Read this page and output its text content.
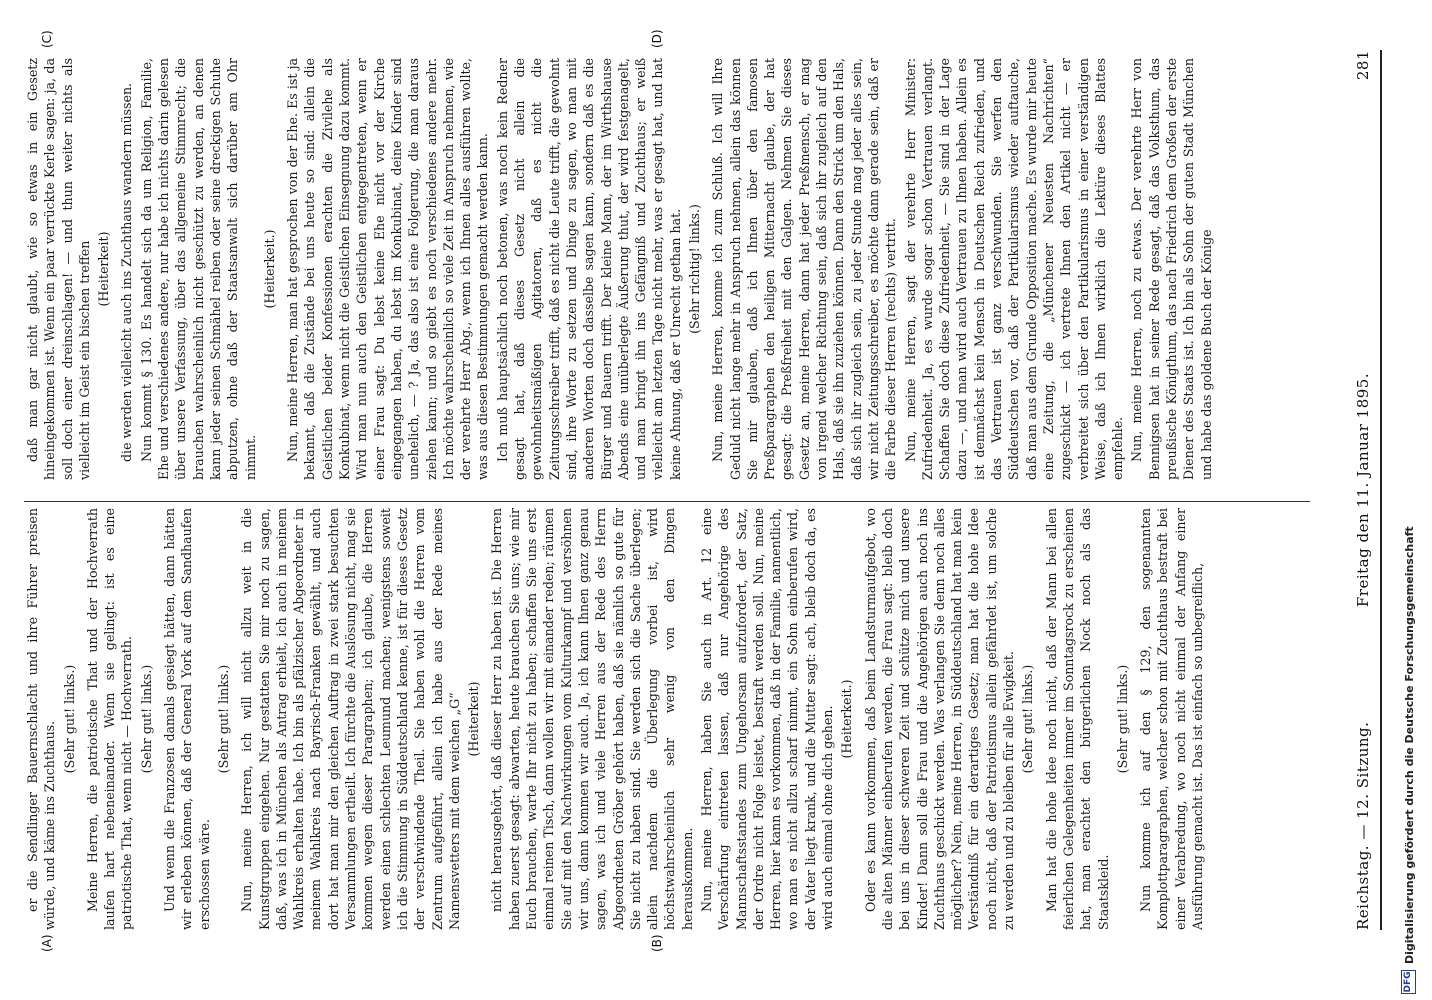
Reichstag. — 12. Sitzung.
Freitag den 11. Januar 1895.
281

er die Sendlinger Bauernschlacht und ihre Führer preisen würde, und käme ins Zuchthaus.

(Sehr gut! links.) Meine Herren, die patriotische That und der Hochverrath laufen hart nebeneinander. Wenn sie gelingt: ist es eine patriotische That, wenn nicht — Hochverrath. (Sehr gut! links.) Und wenn die Franzosen damals gesiegt hätten, dann hätten wir erleben können, daß der General York auf dem Sandhaufen erschossen wäre.

(Sehr gut! links.) Nun, meine Herren, ich will nicht allzu weit in die Kunstgruppen eingehen. Nur gestatten Sie mir noch zu sagen, daß, was ich in München als Antrag erhielt, ich auch in meinem Wahlkreis erhalten habe. Ich bin als pfälzischer Abgeordneter in meinem Wahlkreis nach Bayrisch-Franken gewählt, und auch dort hat man mir den gleichen Auftrag in zwei stark besuchten Versammlungen ertheilt. Ich fürchte die Auslösung nicht, mag sie kommen wegen dieser Paragraphen; ich glaube, die Herren werden einen schlechten Leumund machen; wenigstens soweit ich die Stimmung in Süddeutschland kenne, ist für dieses Gesetz der verschwindende Theil. Sie haben wohl die Herren vom Zentrum aufgeführt, allein ich habe aus der Rede meines Namensvetters mit dem weichen „G“ (Heiterkeit) nicht herausgehört, daß dieser Herr zu haben ist. Die Herren haben zuerst gesagt: abwarten, heute brauchen Sie uns; wie mir Euch brauchen, warte Ihr nicht zu haben; schaffen Sie uns erst einmal reinen Tisch, dann wollen wir mit einander reden; räumen Sie auf mit den Nachwirkungen vom Kulturkampf und versöhnen wir uns, dann kommen wir auch. Ja, ich kann Ihnen ganz genau sagen, was ich und viele Herren aus der Rede des Herrn Abgeordneten Gröber gehört haben, daß sie nämlich so gute für Sie nicht zu haben sind. Sie werden sich die Sache überlegen; allein nachdem die Überlegung vorbei ist, wird höchstwahrscheinlich sehr wenig von den Dingen herauskommen. Nun, meine Herren, haben Sie auch in Art. 12 eine Verschärfung eintreten lassen, daß nur Angehörige des Mannschaftsstandes zum Ungehorsam aufzufordert, der Satz, der Ordre nicht Folge leistet, bestraft werden soll. Nun, meine Herren, hier kann es vorkommen, daß in der Familie, namentlich, wo man es nicht allzu scharf nimmt, ein Sohn einberufen wird, der Vater liegt krank, und die Mutter sagt: ach, bleib doch da, es wird auch einmal ohne dich gehen. (Heiterkeit.) Oder es kann vorkommen, daß beim Landsturmaufgebot, wo die alten Männer einberufen werden, die Frau sagt: bleib doch bei uns in dieser schweren Zeit und schütze mich und unsere Kinder! Dann soll die Frau und die Angehörigen auch noch ins Zuchthaus geschickt werden. Was verlangen Sie denn noch alles möglicher? Nein, meine Herren, in Süddeutschland hat man kein Verständniß für ein derartiges Gesetz; man hat die hohe Idee noch nicht, daß der Patriotismus allein gefährdet ist, um solche zu werden und zu bleiben für alle Ewigkeit. (Sehr gut! links.) Man hat die hohe Idee noch nicht, daß der Mann bei allen feierlichen Gelegenheiten immer im Sonntagsrock zu erscheinen hat, man erachtet den bürgerlichen Nock noch als das Staatskleid.

(Sehr gut! links.) Nun komme ich auf den § 129, den sogenannten Komplottparagraphen, welcher schon mit Zuchthaus bestraft bei einer Verabredung, wo noch nicht einmal der Anfang einer Ausführung gemacht ist. Das ist einfach so unbegreiflich,

daß man gar nicht glaubt, wie so etwas in ein Gesetz hineingekommen ist. Wenn ein paar verrückte Kerle sagen: ja, da soll doch einer dreinschlagen! — und thun weiter nichts als vielleicht im Geist ein bischen treffen (Heiterkeit) die werden vielleicht auch ins Zuchthaus wandern müssen. Nun kommt § 130. Es handelt sich da um Religion, Familie, Ehe und verschiedenes andere, nur habe ich nichts darin gelesen über unsere Verfassung, über das allgemeine Stimmrecht; die brauchen wahrscheinlich nicht geschützt zu werden, an denen kann jeder seinen Schmähel reiben oder seine dreckigen Schuhe abputzen, ohne daß der Staatsanwalt sich darüber am Ohr nimmt.

(Heiterkeit.) Nun, meine Herren, man hat gesprochen von der Ehe. Es ist ja bekannt, daß die Zustände bei uns heute so sind: allein die Geistlichen beider Konfessionen erachten die Zivilehe als Konkubinat, wenn nicht die Geistlichen Einsegnung dazu kommt. Wird man nun auch den Geistlichen entgegentreten, wenn er einer Frau sagt: Du lebst keine Ehe nicht vor der Kirche eingegangen haben, du lebst im Konkubinat, deine Kinder sind unehelich, — ? Ja, das also ist eine Folgerung, die man daraus ziehen kann; und so giebt es noch verschiedenes andere mehr. Ich möchte wahrscheinlich so viele Zeit in Anspruch nehmen, wie der verehrte Herr Abg., wenn ich Ihnen alles ausführen wollte, was aus diesen Bestimmungen gemacht werden kann. Ich muß hauptsächlich noch betonen, was noch kein Redner gesagt hat, daß dieses Gesetz nicht allein die gewohnheitsmäßigen Agitatoren, daß es nicht die Zeitungsschreiber trifft, daß es nicht die Leute trifft, die gewohnt sind, ihre Worte zu setzen und Dinge zu sagen, wo man mit anderen Worten doch dasselbe sagen kann, sondern daß es die Bürger und Bauern trifft. Der kleine Mann, der im Wirthshause Abends eine unüberlegte Äußerung thut, der wird festgenagelt, und man bringt ihn ins Gefängniß und Zuchthaus; er weiß vielleicht am letzten Tage nicht mehr, was er gesagt hat, und hat keine Ahnung, daß er Unrecht gethan hat. (Sehr richtig! links.) Nun, meine Herren, komme ich zum Schluß. Ich will Ihre Geduld nicht lange mehr in Anspruch nehmen, allein das können Sie mir glauben, daß ich Ihnen über den famosen Preßparagraphen den heiligen Mitternacht glaube, der hat gesagt: die Preßfreiheit mit den Galgen. Nehmen Sie dieses Gesetz an, meine Herren, dann hat jeder Preßmensch, er mag von irgend welcher Richtung sein, daß sich ihr zugleich auf den Hals, daß sie ihn zuziehen können. Dann den Strick um den Hals, daß sich ihr zugleich sein, zu jeder Stunde mag jeder alles sein, wir nicht Zeitungsschreiber, es möchte dann gerade sein, daß er die Farbe dieser Herren (rechts) vertritt. Nun, meine Herren, sagt der verehrte Herr Minister: Zufriedenheit. Ja, es wurde sogar schon Vertrauen verlangt. Schaffen Sie doch diese Zufriedenheit, — Sie sind in der Lage dazu —, und man wird auch Vertrauen zu Ihnen haben. Allein es ist demnächst kein Mensch in Deutschen Reich zufrieden, und das Vertrauen ist ganz verschwunden. Sie werfen den Süddeutschen vor, daß der Partikularismus wieder auftauche, daß man aus dem Grunde Opposition mache. Es wurde mir heute eine Zeitung, die „Münchener Neuesten Nachrichten“ zugeschickt — ich vertrete Ihnen den Artikel nicht — er verbreitet sich über den Partikularismus in einer verständigen Weise, daß ich Ihnen wirklich die Lektüre dieses Blattes empfehle. Nun, meine Herren, noch zu etwas. Der verehrte Herr von Bennigsen hat in seiner Rede gesagt, daß das Volksthum, das preußische Königthum, das nach Friedrich dem Großen der erste Diener des Staats ist. Ich bin als Sohn der guten Stadt München und habe das goldene Buch der Könige

(A)	(B)
(C)	(D)
DFG
Digitalisierung gefördert durch die Deutsche Forschungsgemeinschaft
